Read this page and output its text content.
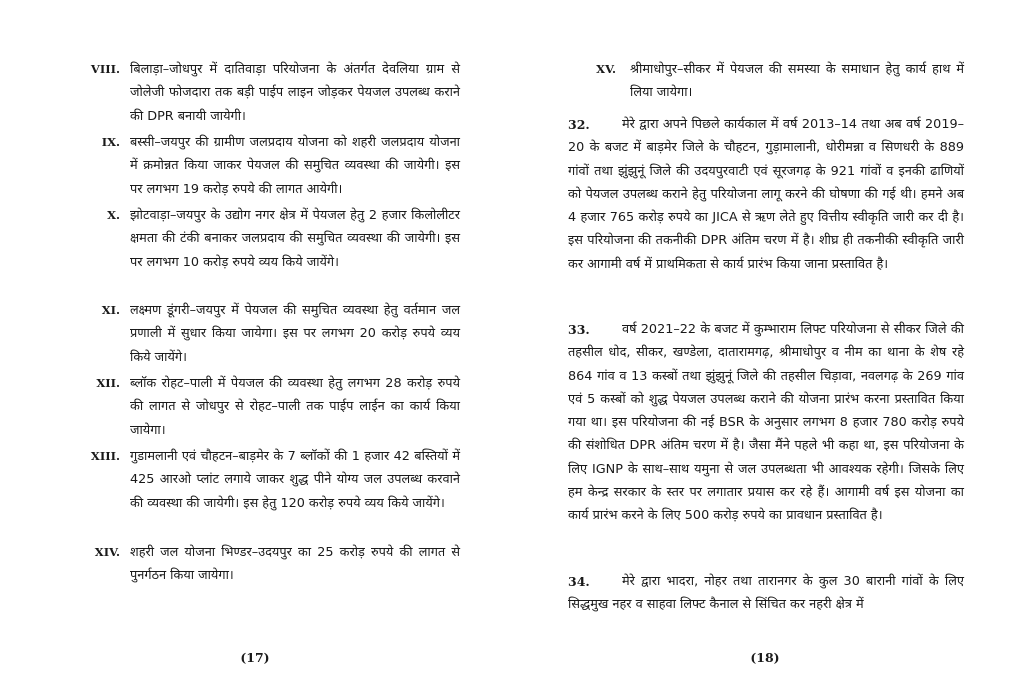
VIII. बिलाड़ा–जोधपुर में दातिवाड़ा परियोजना के अंतर्गत देवलिया ग्राम से जोलेजी फोजदारा तक बड़ी पाईप लाइन जोड़कर पेयजल उपलब्ध कराने की DPR बनायी जायेगी।
IX. बस्सी–जयपुर की ग्रामीण जलप्रदाय योजना को शहरी जलप्रदाय योजना में क्रमोन्नत किया जाकर पेयजल की समुचित व्यवस्था की जायेगी। इस पर लगभग 19 करोड़ रुपये की लागत आयेगी।
X. झोटवाड़ा–जयपुर के उद्योग नगर क्षेत्र में पेयजल हेतु 2 हजार किलोलीटर क्षमता की टंकी बनाकर जलप्रदाय की समुचित व्यवस्था की जायेगी। इस पर लगभग 10 करोड़ रुपये व्यय किये जायेंगे।
XI. लक्ष्मण डूंगरी–जयपुर में पेयजल की समुचित व्यवस्था हेतु वर्तमान जल प्रणाली में सुधार किया जायेगा। इस पर लगभग 20 करोड़ रुपये व्यय किये जायेंगे।
XII. ब्लॉक रोहट–पाली में पेयजल की व्यवस्था हेतु लगभग 28 करोड़ रुपये की लागत से जोधपुर से रोहट–पाली तक पाईप लाईन का कार्य किया जायेगा।
XIII. गुडामलानी एवं चौहटन–बाड़मेर के 7 ब्लॉकों की 1 हजार 42 बस्तियों में 425 आरओ प्लांट लगाये जाकर शुद्ध पीने योग्य जल उपलब्ध करवाने की व्यवस्था की जायेगी। इस हेतु 120 करोड़ रुपये व्यय किये जायेंगे।
XIV. शहरी जल योजना भिण्डर–उदयपुर का 25 करोड़ रुपये की लागत से पुनर्गठन किया जायेगा।
(17)
XV. श्रीमाधोपुर–सीकर में पेयजल की समस्या के समाधान हेतु कार्य हाथ में लिया जायेगा।
32.	मेरे द्वारा अपने पिछले कार्यकाल में वर्ष 2013–14 तथा अब वर्ष 2019–20 के बजट में बाड़मेर जिले के चौहटन, गुड़ामालानी, धोरीमन्ना व सिणधरी के 889 गांवों तथा झुंझुनूं जिले की उदयपुरवाटी एवं सूरजगढ़ के 921 गांवों व इनकी ढाणियों को पेयजल उपलब्ध कराने हेतु परियोजना लागू करने की घोषणा की गई थी। हमने अब 4 हजार 765 करोड़ रुपये का JICA से ऋण लेते हुए वित्तीय स्वीकृति जारी कर दी है। इस परियोजना की तकनीकी DPR अंतिम चरण में है। शीघ्र ही तकनीकी स्वीकृति जारी कर आगामी वर्ष में प्राथमिकता से कार्य प्रारंभ किया जाना प्रस्तावित है।
33.	वर्ष 2021–22 के बजट में कुम्भाराम लिफ्ट परियोजना से सीकर जिले की तहसील धोद, सीकर, खण्डेला, दातारामगढ़, श्रीमाधोपुर व नीम का थाना के शेष रहे 864 गांव व 13 कस्बों तथा झुंझुनूं जिले की तहसील चिड़ावा, नवलगढ़ के 269 गांव एवं 5 कस्बों को शुद्ध पेयजल उपलब्ध कराने की योजना प्रारंभ करना प्रस्तावित किया गया था। इस परियोजना की नई BSR के अनुसार लगभग 8 हजार 780 करोड़ रुपये की संशोधित DPR अंतिम चरण में है। जैसा मैंने पहले भी कहा था, इस परियोजना के लिए IGNP के साथ–साथ यमुना से जल उपलब्धता भी आवश्यक रहेगी। जिसके लिए हम केन्द्र सरकार के स्तर पर लगातार प्रयास कर रहे हैं। आगामी वर्ष इस योजना का कार्य प्रारंभ करने के लिए 500 करोड़ रुपये का प्रावधान प्रस्तावित है।
34.	मेरे द्वारा भादरा, नोहर तथा तारानगर के कुल 30 बारानी गांवों के लिए सिद्धमुख नहर व साहवा लिफ्ट कैनाल से सिंचित कर नहरी क्षेत्र में
(18)
